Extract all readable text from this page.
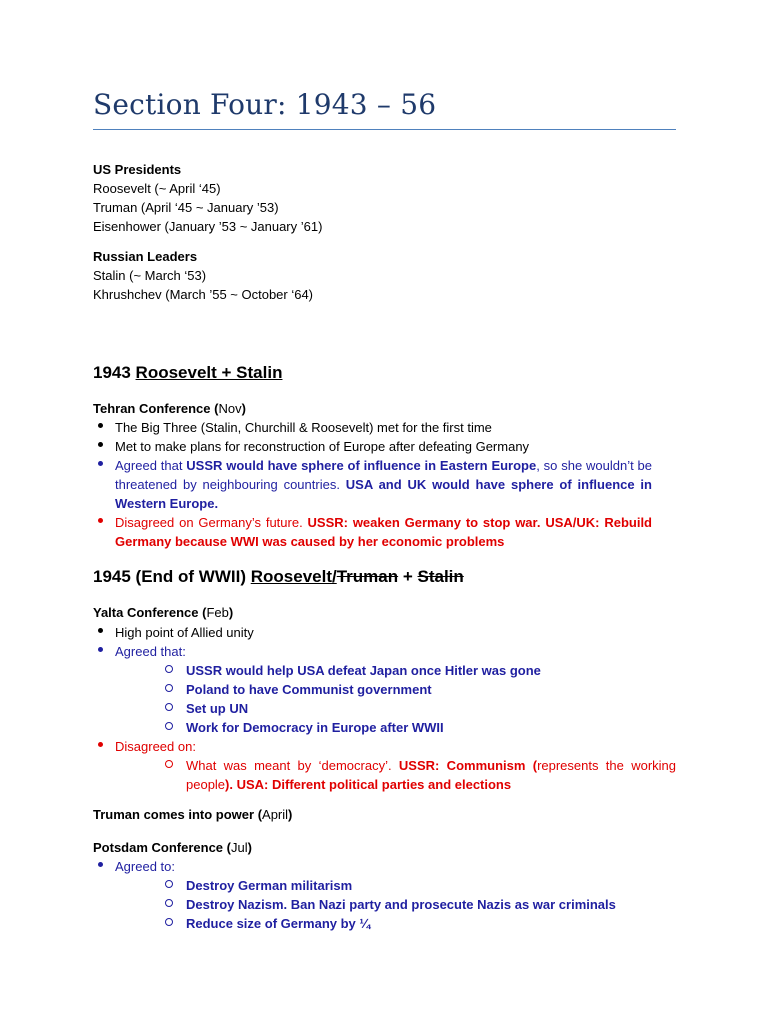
Section Four: 1943 – 56
US Presidents
Roosevelt (~ April ‘45)
Truman (April ‘45 ~ January ’53)
Eisenhower (January ’53 ~ January ’61)
Russian Leaders
Stalin (~ March ‘53)
Khrushchev (March ’55 ~ October ‘64)
1943 Roosevelt + Stalin
Tehran Conference (Nov)

The Big Three (Stalin, Churchill & Roosevelt) met for the first time

Met to make plans for reconstruction of Europe after defeating Germany

Agreed that USSR would have sphere of influence in Eastern Europe, so she wouldn’t be threatened by neighbouring countries. USA and UK would have sphere of influence in Western Europe.

Disagreed on Germany’s future. USSR: weaken Germany to stop war. USA/UK: Rebuild Germany because WWI was caused by her economic problems

1945 (End of WWII) Roosevelt/Truman + Stalin
Yalta Conference (Feb)

High point of Allied unity

Agreed that:

USSR would help USA defeat Japan once Hitler was gone

Poland to have Communist government

Set up UN

Work for Democracy in Europe after WWII

Disagreed on:

What was meant by ‘democracy’. USSR: Communism (represents the working people). USA: Different political parties and elections

Truman comes into power (April)
Potsdam Conference (Jul)

Agreed to:

Destroy German militarism

Destroy Nazism. Ban Nazi party and prosecute Nazis as war criminals

Reduce size of Germany by ¼
